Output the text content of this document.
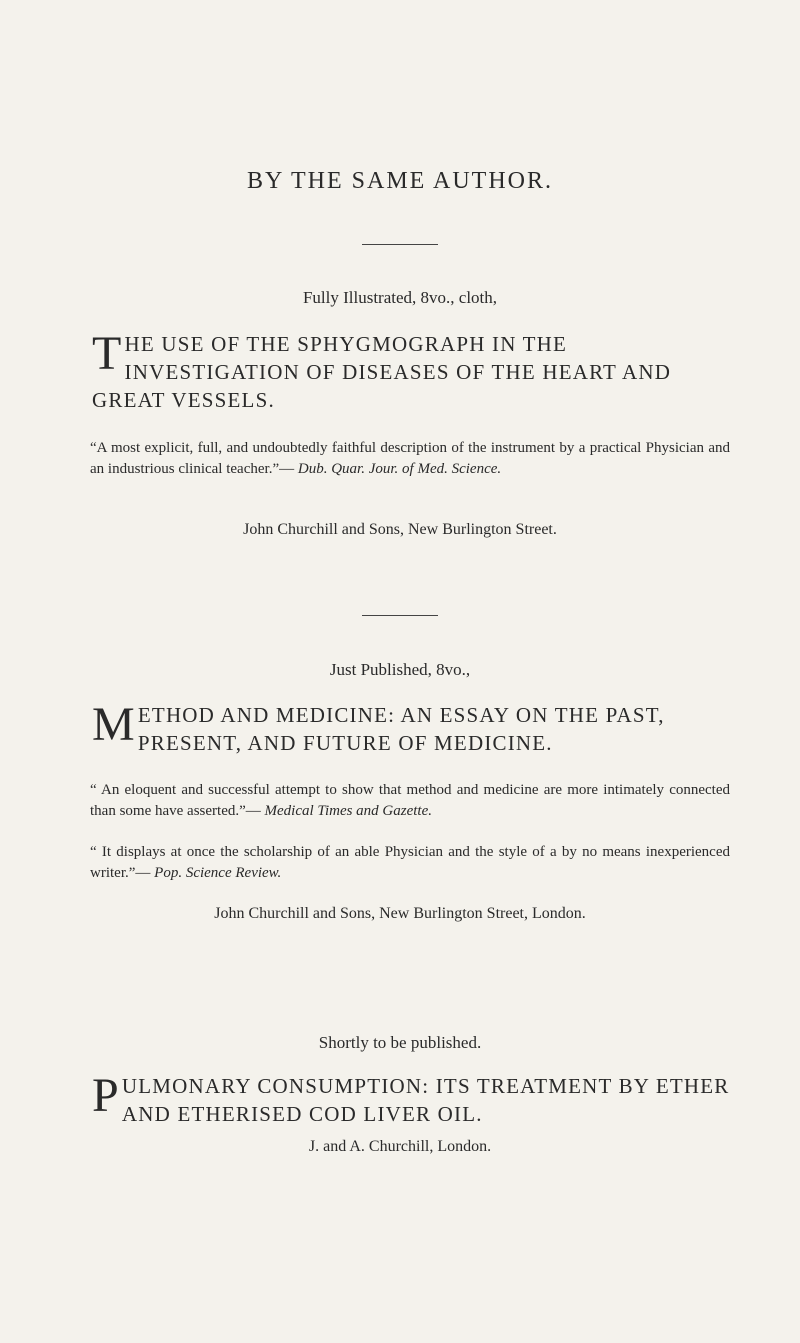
BY THE SAME AUTHOR.
Fully Illustrated, 8vo., cloth,
T HE USE OF THE SPHYGMOGRAPH IN THE INVESTIGATION OF DISEASES OF THE HEART AND GREAT VESSELS.
“A most explicit, full, and undoubtedly faithful description of the instrument by a practical Physician and an industrious clinical teacher.”— Dub. Quar. Jour. of Med. Science.
John Churchill and Sons, New Burlington Street.
Just Published, 8vo.,
M ETHOD AND MEDICINE: AN ESSAY ON THE PAST, PRESENT, AND FUTURE OF MEDICINE.
“ An eloquent and successful attempt to show that method and medicine are more intimately connected than some have asserted.”— Medical Times and Gazette.
“ It displays at once the scholarship of an able Physician and the style of a by no means inexperienced writer.”— Pop. Science Review.
John Churchill and Sons, New Burlington Street, London.
Shortly to be published.
P ULMONARY CONSUMPTION: ITS TREATMENT BY ETHER AND ETHERISED COD LIVER OIL.
J. and A. Churchill, London.
